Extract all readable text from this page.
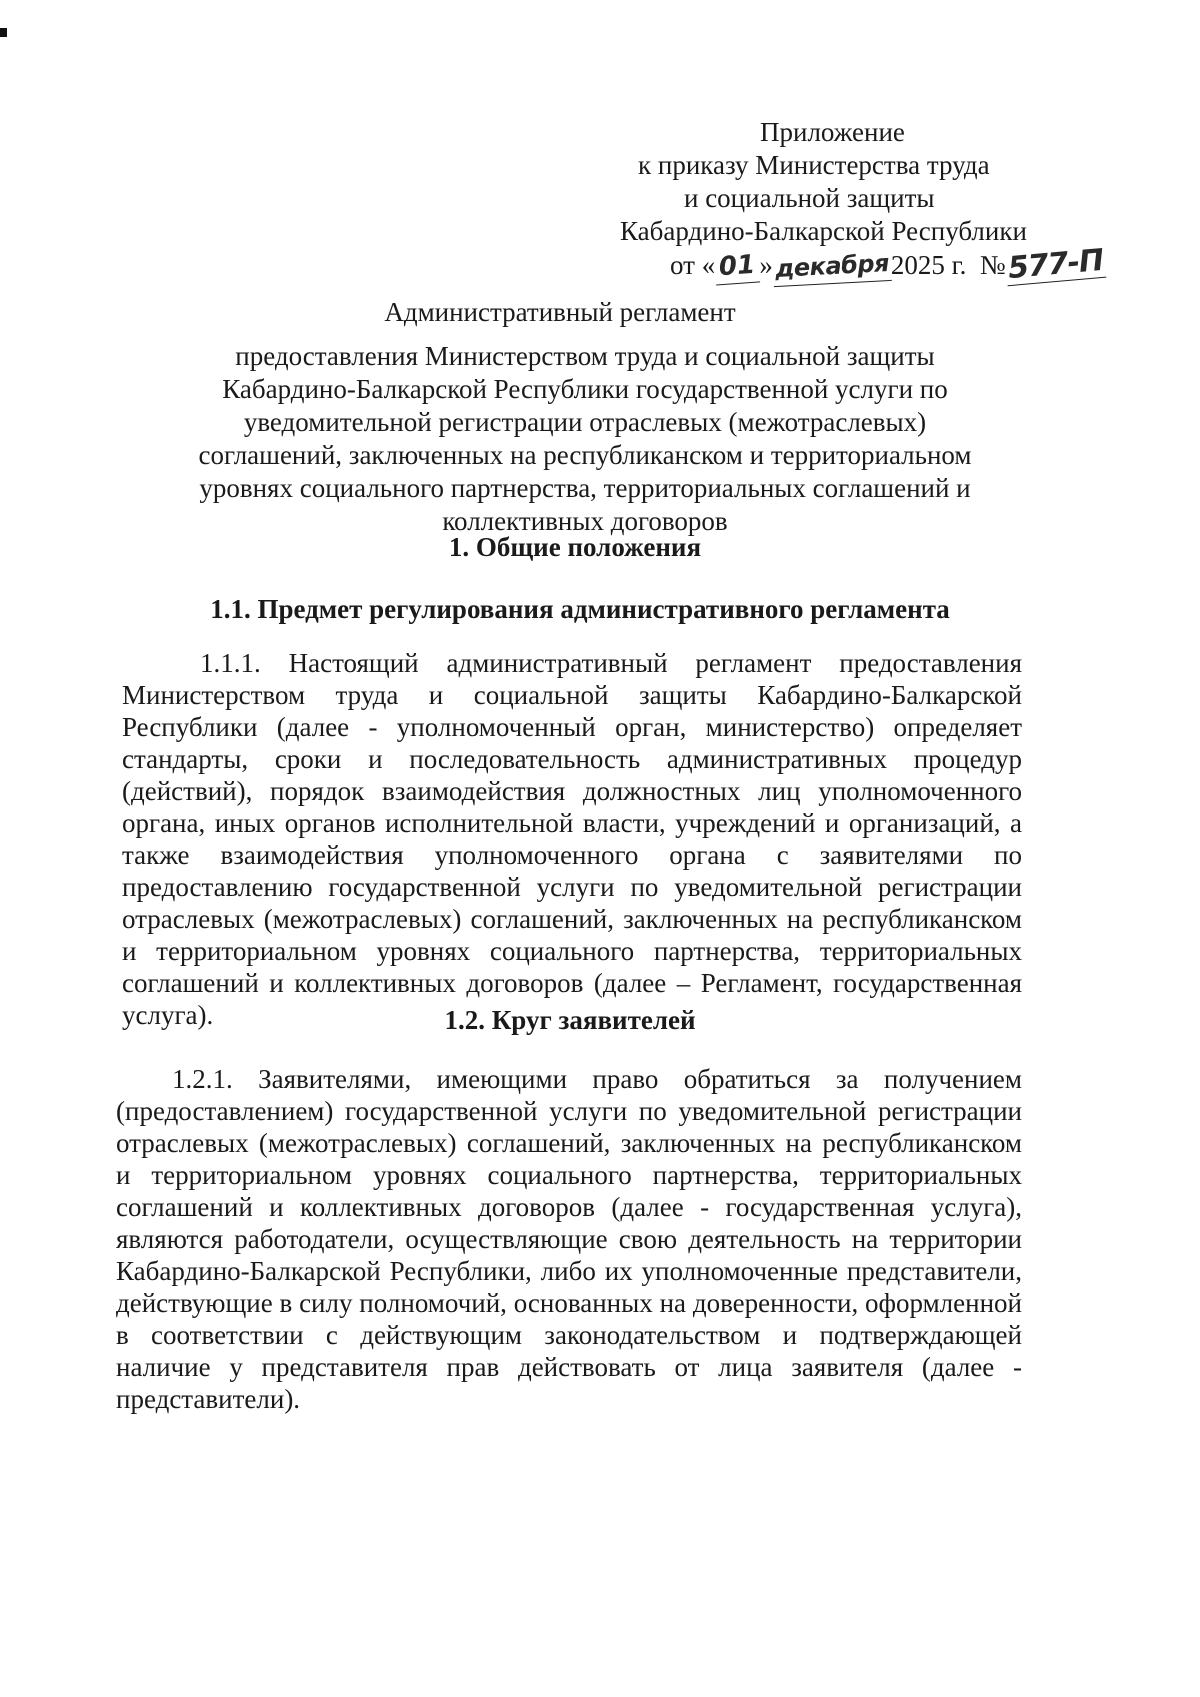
Приложение
к приказу Министерства труда
и социальной защиты
Кабардино-Балкарской Республики
от « 01 »декабря2025 г. №577-П
Административный регламент
предоставления Министерством труда и социальной защиты Кабардино-Балкарской Республики государственной услуги по уведомительной регистрации отраслевых (межотраслевых) соглашений, заключенных на республиканском и территориальном уровнях социального партнерства, территориальных соглашений и коллективных договоров
1. Общие положения
1.1. Предмет регулирования административного регламента
1.1.1. Настоящий административный регламент предоставления Министерством труда и социальной защиты Кабардино-Балкарской Республики (далее - уполномоченный орган, министерство) определяет стандарты, сроки и последовательность административных процедур (действий), порядок взаимодействия должностных лиц уполномоченного органа, иных органов исполнительной власти, учреждений и организаций, а также взаимодействия уполномоченного органа с заявителями по предоставлению государственной услуги по уведомительной регистрации отраслевых (межотраслевых) соглашений, заключенных на республиканском и территориальном уровнях социального партнерства, территориальных соглашений и коллективных договоров (далее – Регламент, государственная услуга).	1.2. Круг заявителей
1.2.1. Заявителями, имеющими право обратиться за получением (предоставлением) государственной услуги по уведомительной регистрации отраслевых (межотраслевых) соглашений, заключенных на республиканском и территориальном уровнях социального партнерства, территориальных соглашений и коллективных договоров (далее - государственная услуга), являются работодатели, осуществляющие свою деятельность на территории Кабардино-Балкарской Республики, либо их уполномоченные представители, действующие в силу полномочий, основанных на доверенности, оформленной в соответствии с действующим законодательством и подтверждающей наличие у представителя прав действовать от лица заявителя (далее - представители).
